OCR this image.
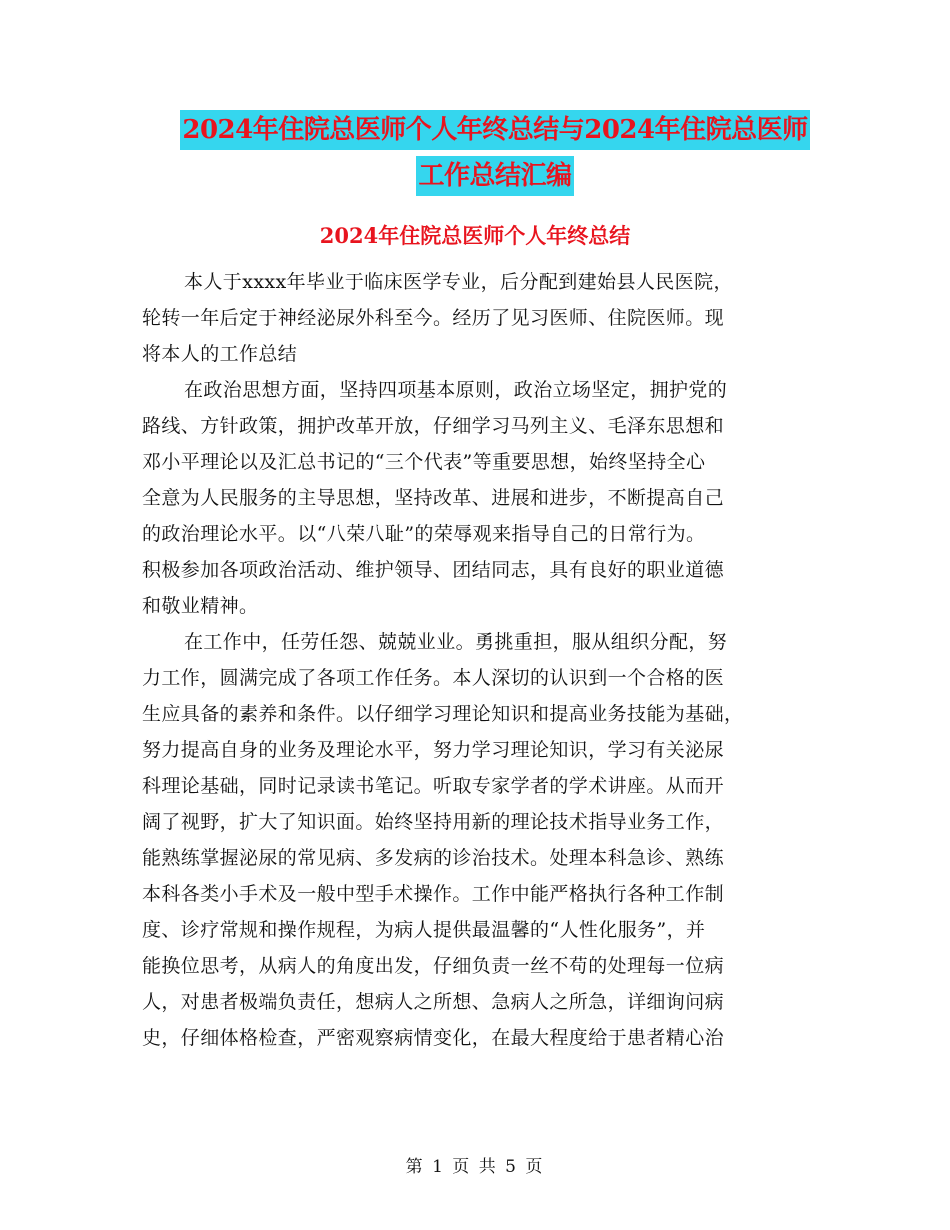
2024年住院总医师个人年终总结与2024年住院总医师
工作总结汇编
2024年住院总医师个人年终总结
本人于xxxx年毕业于临床医学专业，后分配到建始县人民医院，
轮转一年后定于神经泌尿外科至今。经历了见习医师、住院医师。现
将本人的工作总结
在政治思想方面，坚持四项基本原则，政治立场坚定，拥护党的
路线、方针政策，拥护改革开放，仔细学习马列主义、毛泽东思想和
邓小平理论以及汇总书记的“三个代表”等重要思想，始终坚持全心
全意为人民服务的主导思想，坚持改革、进展和进步，不断提高自己
的政治理论水平。以“八荣八耻”的荣辱观来指导自己的日常行为。
积极参加各项政治活动、维护领导、团结同志，具有良好的职业道德
和敬业精神。
在工作中，任劳任怨、兢兢业业。勇挑重担，服从组织分配，努
力工作，圆满完成了各项工作任务。本人深切的认识到一个合格的医
生应具备的素养和条件。以仔细学习理论知识和提高业务技能为基础，
努力提高自身的业务及理论水平，努力学习理论知识，学习有关泌尿
科理论基础，同时记录读书笔记。听取专家学者的学术讲座。从而开
阔了视野，扩大了知识面。始终坚持用新的理论技术指导业务工作，
能熟练掌握泌尿的常见病、多发病的诊治技术。处理本科急诊、熟练
本科各类小手术及一般中型手术操作。工作中能严格执行各种工作制
度、诊疗常规和操作规程，为病人提供最温馨的“人性化服务”，并
能换位思考，从病人的角度出发，仔细负责一丝不苟的处理每一位病
人，对患者极端负责任，想病人之所想、急病人之所急，详细询问病
史，仔细体格检查，严密观察病情变化，在最大程度给于患者精心治
第 1 页 共 5 页
